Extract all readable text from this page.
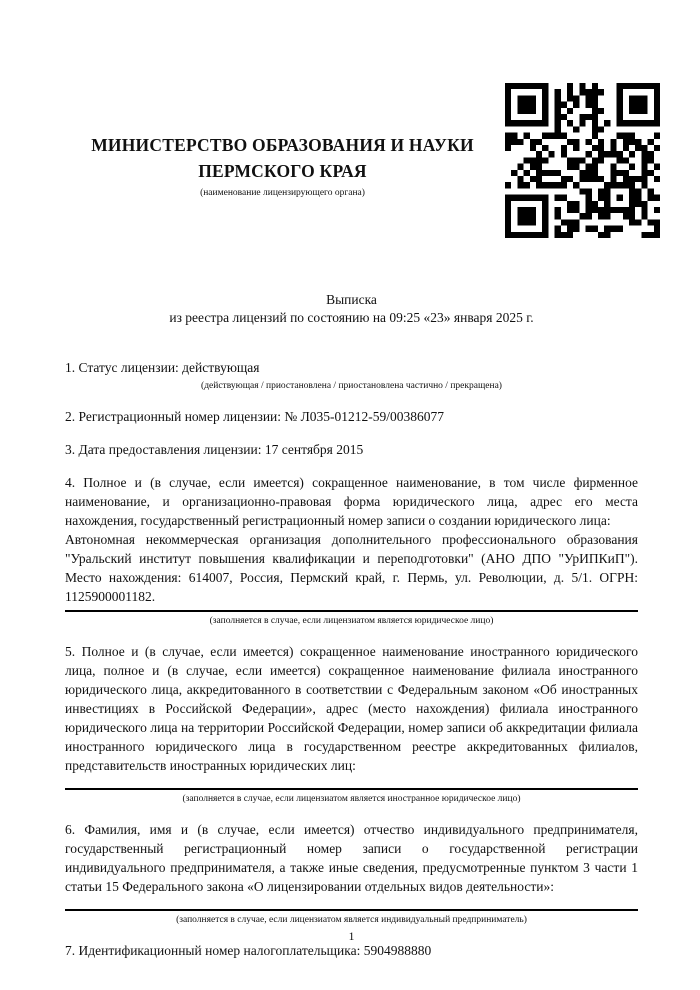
МИНИСТЕРСТВО ОБРАЗОВАНИЯ И НАУКИ ПЕРМСКОГО КРАЯ
(наименование лицензирующего органа)
Выписка
из реестра лицензий по состоянию на 09:25 «23» января 2025 г.

1. Статус лицензии: действующая

(действующая / приостановлена / приостановлена частично / прекращена)

2. Регистрационный номер лицензии: № Л035-01212-59/00386077

3. Дата предоставления лицензии: 17 сентября 2015

4. Полное и (в случае, если имеется) сокращенное наименование, в том числе фирменное наименование, и организационно-правовая форма юридического лица, адрес его места нахождения, государственный регистрационный номер записи о создании юридического лица:

Автономная некоммерческая организация дополнительного профессионального образования "Уральский институт повышения квалификации и переподготовки" (АНО ДПО "УрИПКиП"). Место нахождения: 614007, Россия, Пермский край, г. Пермь, ул. Революции, д. 5/1. ОГРН: 1125900001182.

(заполняется в случае, если лицензиатом является юридическое лицо)

5. Полное и (в случае, если имеется) сокращенное наименование иностранного юридического лица, полное и (в случае, если имеется) сокращенное наименование филиала иностранного юридического лица, аккредитованного в соответствии с Федеральным законом «Об иностранных инвестициях в Российской Федерации», адрес (место нахождения) филиала иностранного юридического лица на территории Российской Федерации, номер записи об аккредитации филиала иностранного юридического лица в государственном реестре аккредитованных филиалов, представительств иностранных юридических лиц:

(заполняется в случае, если лицензиатом является иностранное юридическое лицо)

6. Фамилия, имя и (в случае, если имеется) отчество индивидуального предпринимателя, государственный регистрационный номер записи о государственной регистрации индивидуального предпринимателя, а также иные сведения, предусмотренные пунктом 3 части 1 статьи 15 Федерального закона «О лицензировании отдельных видов деятельности»:

(заполняется в случае, если лицензиатом является индивидуальный предприниматель)

7. Идентификационный номер налогоплательщика: 5904988880

1
